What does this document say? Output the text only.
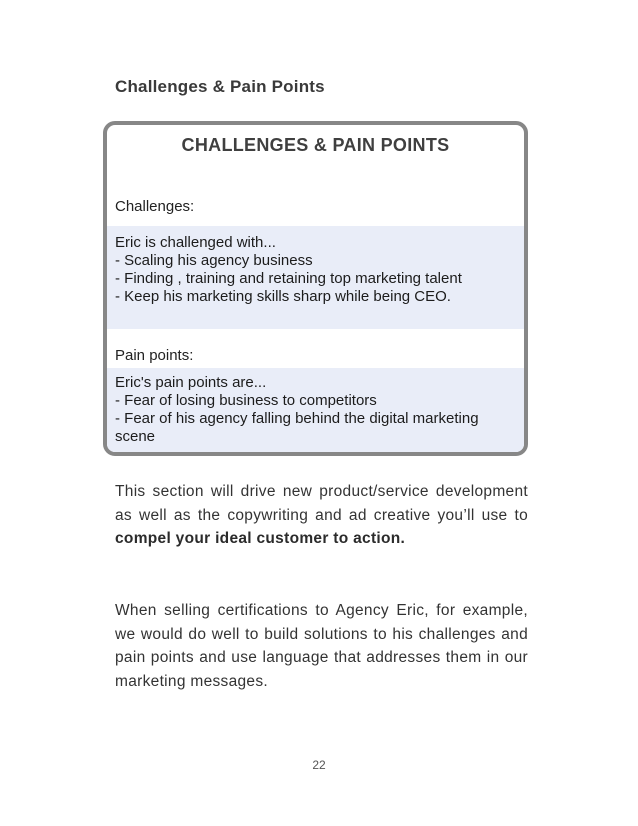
Challenges & Pain Points
CHALLENGES & PAIN POINTS
Challenges:
Eric is challenged with...
- Scaling his agency business
- Finding , training and retaining top marketing talent
- Keep his marketing skills sharp while being CEO.
Pain points:
Eric's pain points are...
- Fear of losing business to competitors
- Fear of his agency falling behind the digital marketing
scene
This section will drive new product/service development as well as the copywriting and ad creative you’ll use to compel your ideal customer to action.
When selling certifications to Agency Eric, for example, we would do well to build solutions to his challenges and pain points and use language that addresses them in our marketing messages.
22
